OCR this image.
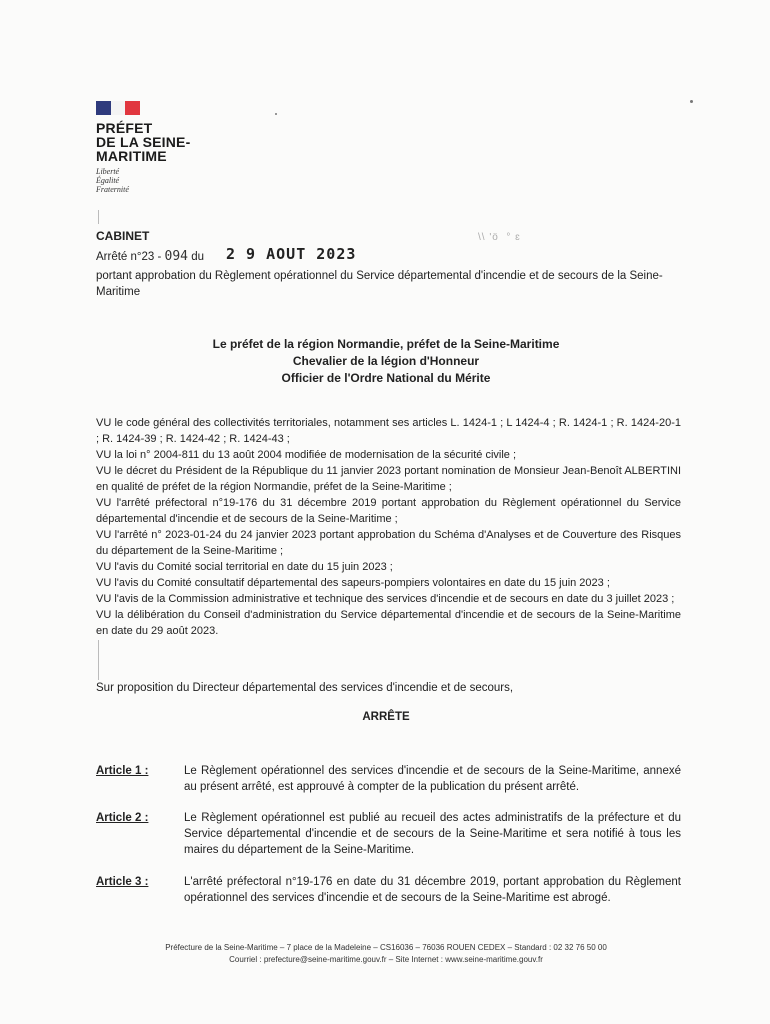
PRÉFET
DE LA SEINE-
MARITIME
Liberté
Égalité
Fraternité
CABINET	\\ 'ö  ° ɛ
Arrêté n°23 - 094 du 2 9 AOUT 2023
portant approbation du Règlement opérationnel du Service départemental d'incendie et de secours de la Seine-Maritime
Le préfet de la région Normandie, préfet de la Seine-Maritime
Chevalier de la légion d'Honneur
Officier de l'Ordre National du Mérite

VU le code général des collectivités territoriales, notamment ses articles L. 1424-1 ; L 1424-4 ; R. 1424-1 ; R. 1424-20-1 ; R. 1424-39 ; R. 1424-42 ; R. 1424-43 ;

VU la loi n° 2004-811 du 13 août 2004 modifiée de modernisation de la sécurité civile ;

VU le décret du Président de la République du 11 janvier 2023 portant nomination de Monsieur Jean-Benoît ALBERTINI en qualité de préfet de la région Normandie, préfet de la Seine-Maritime ;

VU l'arrêté préfectoral n°19-176 du 31 décembre 2019 portant approbation du Règlement opérationnel du Service départemental d'incendie et de secours de la Seine-Maritime ;

VU l'arrêté n° 2023-01-24 du 24 janvier 2023 portant approbation du Schéma d'Analyses et de Couverture des Risques du département de la Seine-Maritime ;

VU l'avis du Comité social territorial en date du 15 juin 2023 ;

VU l'avis du Comité consultatif départemental des sapeurs-pompiers volontaires en date du 15 juin 2023 ;

VU l'avis de la Commission administrative et technique des services d'incendie et de secours en date du 3 juillet 2023 ;

VU la délibération du Conseil d'administration du Service départemental d'incendie et de secours de la Seine-Maritime en date du 29 août 2023.

Sur proposition du Directeur départemental des services d'incendie et de secours,
ARRÊTE
Article 1 :	Le Règlement opérationnel des services d'incendie et de secours de la Seine-Maritime, annexé au présent arrêté, est approuvé à compter de la publication du présent arrêté.
Article 2 :	Le Règlement opérationnel est publié au recueil des actes administratifs de la préfecture et du Service départemental d'incendie et de secours de la Seine-Maritime et sera notifié à tous les maires du département de la Seine-Maritime.
Article 3 :	L'arrêté préfectoral n°19-176 en date du 31 décembre 2019, portant approbation du Règlement opérationnel des services d'incendie et de secours de la Seine-Maritime est abrogé.
Préfecture de la Seine-Maritime – 7 place de la Madeleine – CS16036 – 76036 ROUEN CEDEX – Standard : 02 32 76 50 00
Courriel : prefecture@seine-maritime.gouv.fr – Site Internet : www.seine-maritime.gouv.fr
